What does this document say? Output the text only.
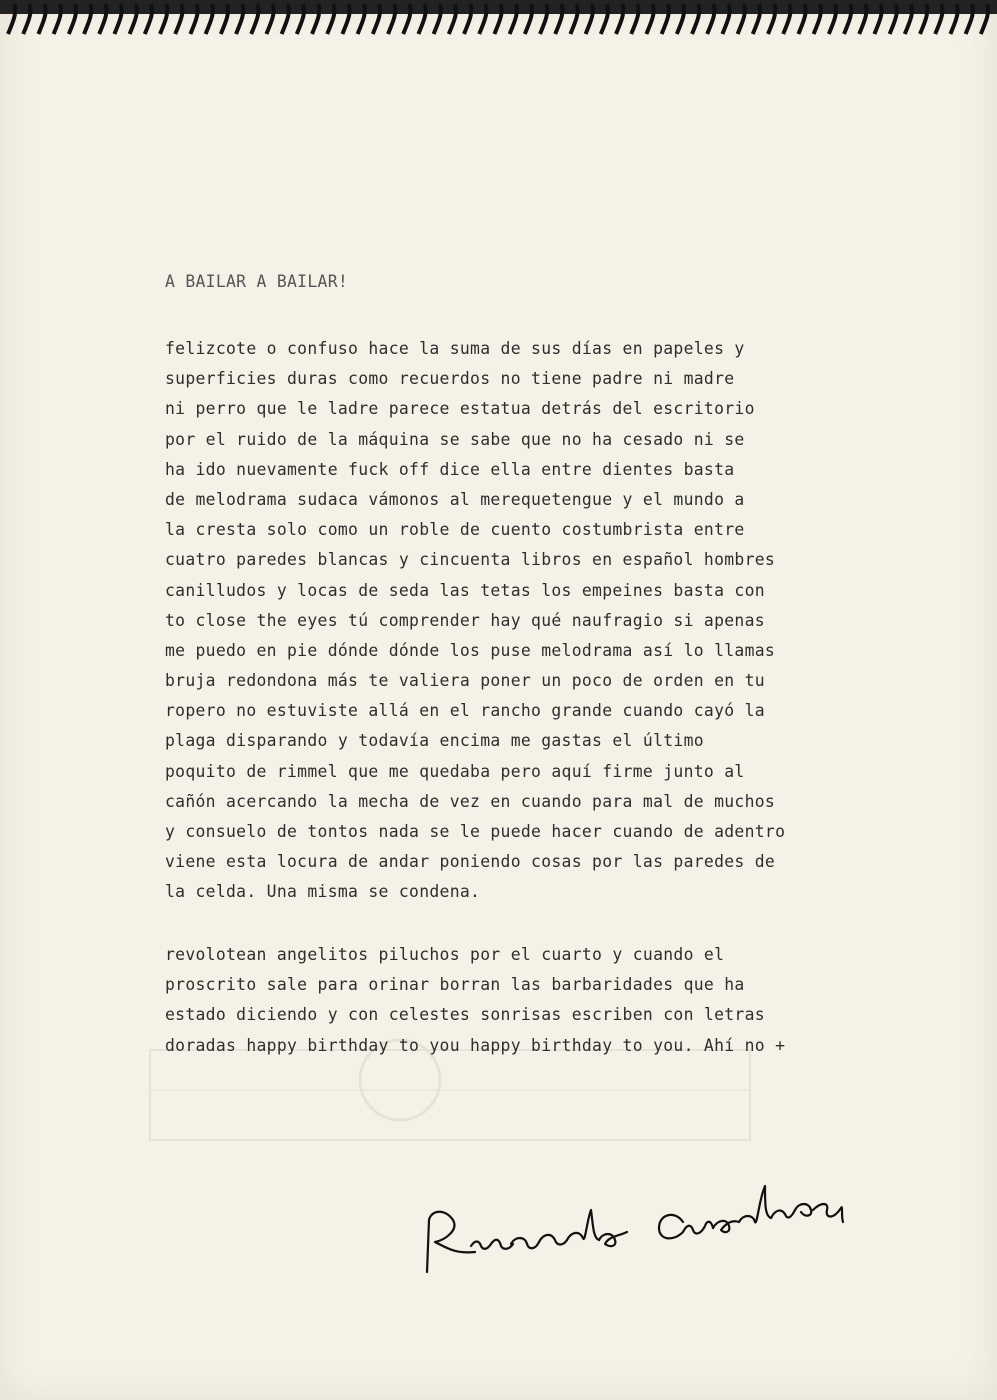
A BAILAR A BAILAR!

felizcote o confuso hace la suma de sus días en papeles y
superficies duras como recuerdos no tiene padre ni madre
ni perro que le ladre parece estatua detrás del escritorio
por el ruido de la máquina se sabe que no ha cesado ni se
ha ido nuevamente fuck off dice ella entre dientes basta
de melodrama sudaca vámonos al merequetengue y el mundo a
la cresta solo como un roble de cuento costumbrista entre
cuatro paredes blancas y cincuenta libros en español hombres
canilludos y locas de seda las tetas los empeines basta con
to close the eyes tú comprender hay qué naufragio si apenas
me puedo en pie dónde dónde los puse melodrama así lo llamas
bruja redondona más te valiera poner un poco de orden en tu
ropero no estuviste allá en el rancho grande cuando cayó la
plaga disparando y todavía encima me gastas el último
poquito de rimmel que me quedaba pero aquí firme junto al
cañón acercando la mecha de vez en cuando para mal de muchos
y consuelo de tontos nada se le puede hacer cuando de adentro
viene esta locura de andar poniendo cosas por las paredes de
la celda. Una misma se condena.
revolotean angelitos piluchos por el cuarto y cuando el
proscrito sale para orinar borran las barbaridades que ha
estado diciendo y con celestes sonrisas escriben con letras
doradas happy birthday to you happy birthday to you. Ahí no +
